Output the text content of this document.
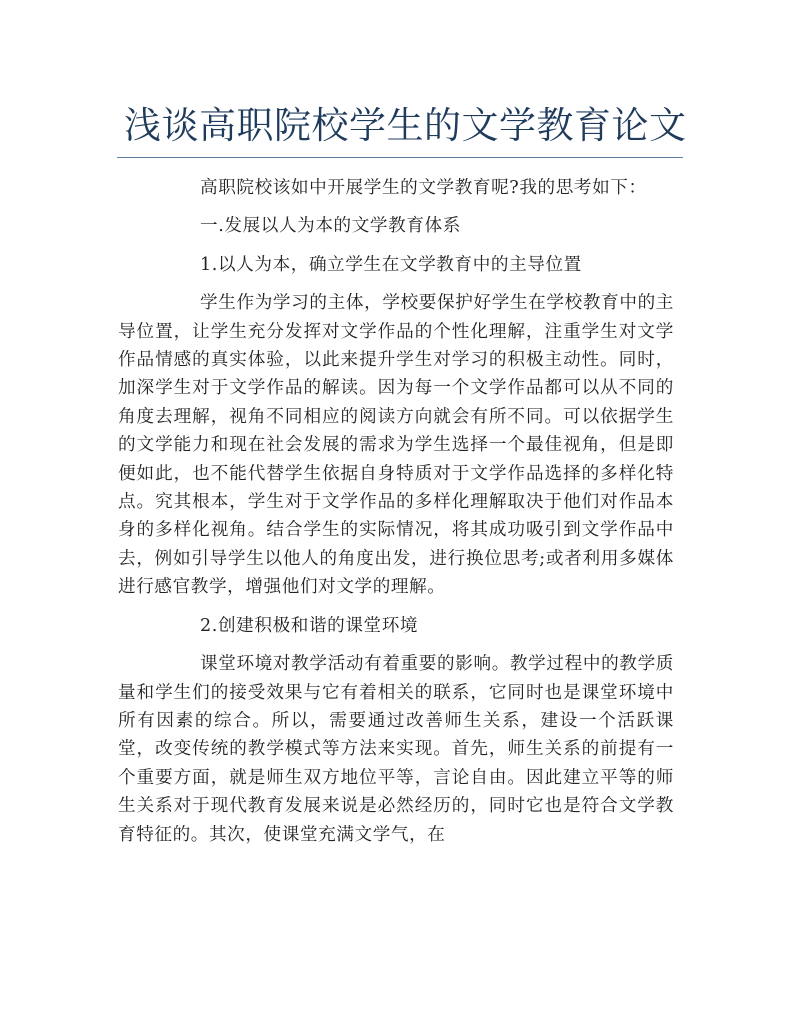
浅谈高职院校学生的文学教育论文

高职院校该如中开展学生的文学教育呢?我的思考如下：

一.发展以人为本的文学教育体系

1.以人为本，确立学生在文学教育中的主导位置

学生作为学习的主体，学校要保护好学生在学校教育中的主导位置，让学生充分发挥对文学作品的个性化理解，注重学生对文学作品情感的真实体验，以此来提升学生对学习的积极主动性。同时，加深学生对于文学作品的解读。因为每一个文学作品都可以从不同的角度去理解，视角不同相应的阅读方向就会有所不同。可以依据学生的文学能力和现在社会发展的需求为学生选择一个最佳视角，但是即便如此，也不能代替学生依据自身特质对于文学作品选择的多样化特点。究其根本，学生对于文学作品的多样化理解取决于他们对作品本身的多样化视角。结合学生的实际情况，将其成功吸引到文学作品中去，例如引导学生以他人的角度出发，进行换位思考;或者利用多媒体进行感官教学，增强他们对文学的理解。

2.创建积极和谐的课堂环境

课堂环境对教学活动有着重要的影响。教学过程中的教学质量和学生们的接受效果与它有着相关的联系，它同时也是课堂环境中所有因素的综合。所以，需要通过改善师生关系，建设一个活跃课堂，改变传统的教学模式等方法来实现。首先，师生关系的前提有一个重要方面，就是师生双方地位平等，言论自由。因此建立平等的师生关系对于现代教育发展来说是必然经历的，同时它也是符合文学教育特征的。其次，使课堂充满文学气，在
